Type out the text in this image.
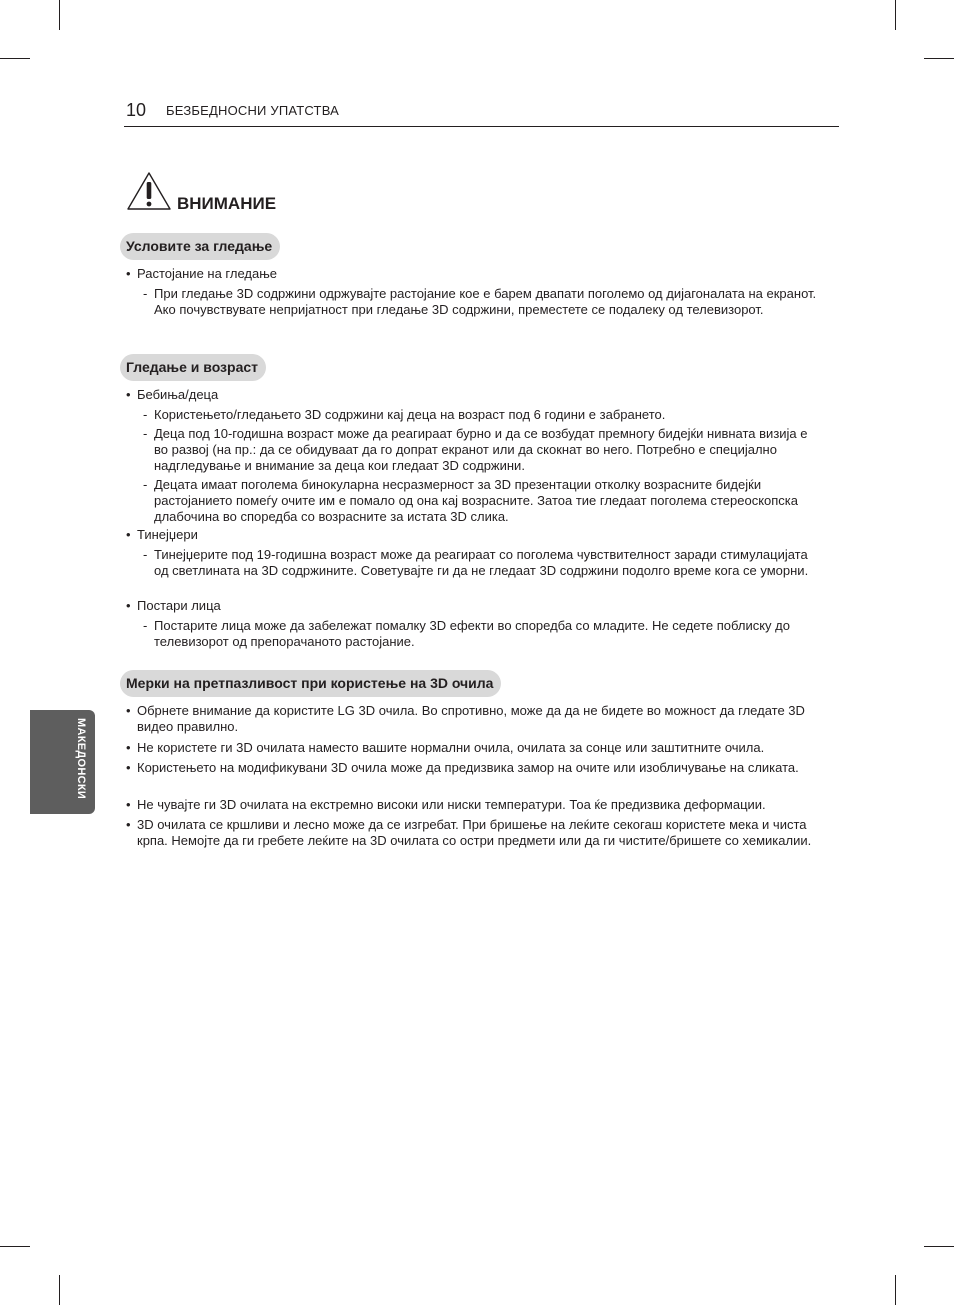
10 БЕЗБЕДНОСНИ УПАТСТВА
ВНИМАНИЕ
Условите за гледање
• Растојание на гледање
- При гледање 3D содржини одржувајте растојание кое е барем двапати поголемо од дијагоналата на екранот. Ако почувствувате непријатност при гледање 3D содржини, преместете се подалеку од телевизорот.
Гледање и возраст
• Бебиња/деца
- Користењето/гледањето 3D содржини кај деца на возраст под 6 години е забрането.
- Деца под 10-годишна возраст може да реагираат бурно и да се возбудат премногу бидејќи нивната визија е во развој (на пр.: да се обидуваат да го допрат екранот или да скокнат во него. Потребно е специјално надгледување и внимание за деца кои гледаат 3D содржини.
- Децата имаат поголема бинокуларна несразмерност за 3D презентации отколку возрасните бидејќи растојанието помеѓу очите им е помало од она кај возрасните. Затоа тие гледаат поголема стереоскопска длабочина во споредба со возрасните за истата 3D слика.
• Тинејџери
- Тинејџерите под 19-годишна возраст може да реагираат со поголема чувствителност заради стимулацијата од светлината на 3D содржините. Советувајте ги да не гледаат 3D содржини подолго време кога се уморни.
• Постари лица
- Постарите лица може да забележат помалку 3D ефекти во споредба со младите. Не седете поблиску до телевизорот од препорачаното растојание.
Мерки на претпазливост при користење на 3D очила
• Обрнете внимание да користите LG 3D очила. Во спротивно, може да да не бидете во можност да гледате 3D видео правилно.
• Не користете ги 3D очилата наместо вашите нормални очила, очилата за сонце или заштитните очила.
• Користењето на модификувани 3D очила може да предизвика замор на очите или изобличување на сликата.
• Не чувајте ги 3D очилата на екстремно високи или ниски температури. Тоа ќе предизвика деформации.
• 3D очилата се кршливи и лесно може да се изгребат. При бришење на леќите секогаш користете мека и чиста крпа. Немојте да ги гребете леќите на 3D очилата со остри предмети или да ги чистите/бришете со хемикалии.
МАКЕДОНСКИ
